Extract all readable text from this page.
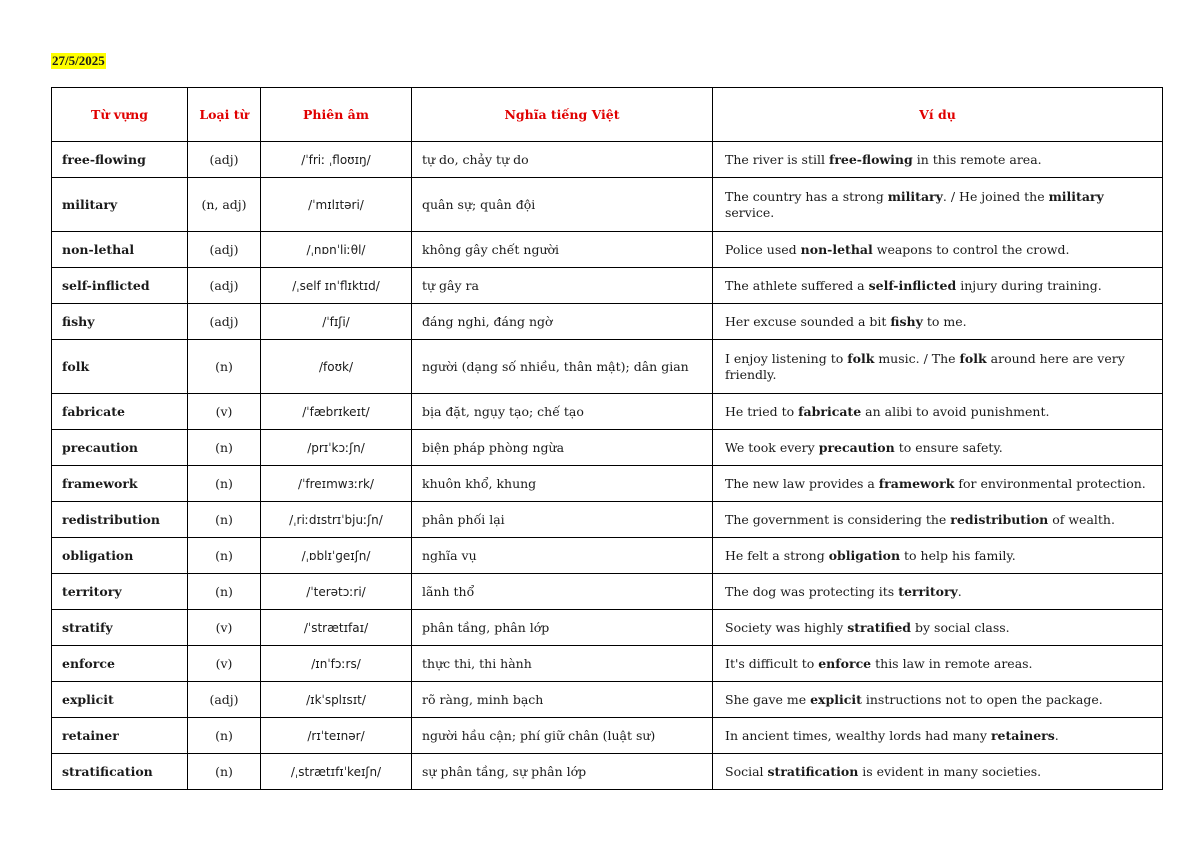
27/5/2025
Từ vựng	Loại từ	Phiên âm	Nghĩa tiếng Việt	Ví dụ
free-flowing	(adj)	/ˈfriː ˌfloʊɪŋ/	tự do, chảy tự do	The river is still free-flowing in this remote area.
military	(n, adj)	/ˈmɪlɪtəri/	quân sự; quân đội	The country has a strong military. / He joined the military service.
non-lethal	(adj)	/ˌnɒnˈliːθl/	không gây chết người	Police used non-lethal weapons to control the crowd.
self-inflicted	(adj)	/ˌself ɪnˈflɪktɪd/	tự gây ra	The athlete suffered a self-inflicted injury during training.
fishy	(adj)	/ˈfɪʃi/	đáng nghi, đáng ngờ	Her excuse sounded a bit fishy to me.
folk	(n)	/foʊk/	người (dạng số nhiều, thân mật); dân gian	I enjoy listening to folk music. / The folk around here are very friendly.
fabricate	(v)	/ˈfæbrɪkeɪt/	bịa đặt, ngụy tạo; chế tạo	He tried to fabricate an alibi to avoid punishment.
precaution	(n)	/prɪˈkɔːʃn/	biện pháp phòng ngừa	We took every precaution to ensure safety.
framework	(n)	/ˈfreɪmwɜːrk/	khuôn khổ, khung	The new law provides a framework for environmental protection.
redistribution	(n)	/ˌriːdɪstrɪˈbjuːʃn/	phân phối lại	The government is considering the redistribution of wealth.
obligation	(n)	/ˌɒblɪˈɡeɪʃn/	nghĩa vụ	He felt a strong obligation to help his family.
territory	(n)	/ˈterətɔːri/	lãnh thổ	The dog was protecting its territory.
stratify	(v)	/ˈstrætɪfaɪ/	phân tầng, phân lớp	Society was highly stratified by social class.
enforce	(v)	/ɪnˈfɔːrs/	thực thi, thi hành	It's difficult to enforce this law in remote areas.
explicit	(adj)	/ɪkˈsplɪsɪt/	rõ ràng, minh bạch	She gave me explicit instructions not to open the package.
retainer	(n)	/rɪˈteɪnər/	người hầu cận; phí giữ chân (luật sư)	In ancient times, wealthy lords had many retainers.
stratification	(n)	/ˌstrætɪfɪˈkeɪʃn/	sự phân tầng, sự phân lớp	Social stratification is evident in many societies.
